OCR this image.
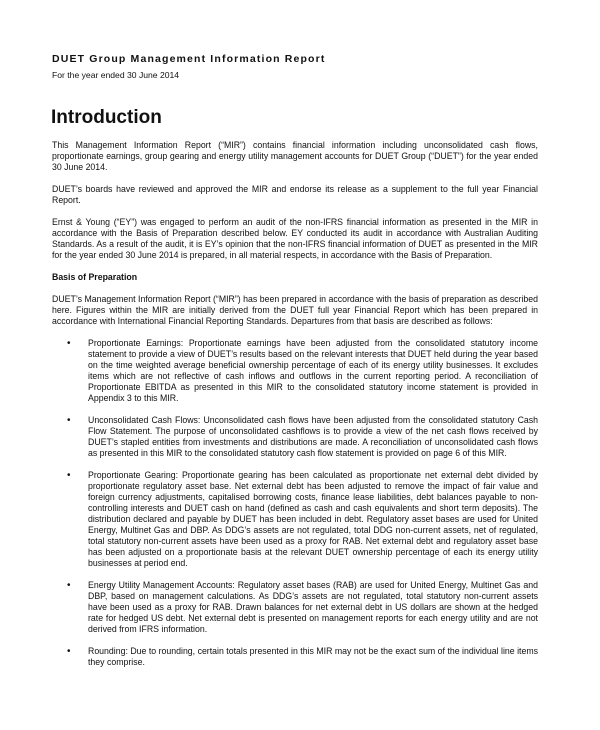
DUET Group Management Information Report
For the year ended 30 June 2014
Introduction

This Management Information Report (“MIR”) contains financial information including unconsolidated cash flows, proportionate earnings, group gearing and energy utility management accounts for DUET Group (“DUET”) for the year ended 30 June 2014.

DUET’s boards have reviewed and approved the MIR and endorse its release as a supplement to the full year Financial Report.

Ernst & Young (“EY”) was engaged to perform an audit of the non-IFRS financial information as presented in the MIR in accordance with the Basis of Preparation described below. EY conducted its audit in accordance with Australian Auditing Standards. As a result of the audit, it is EY’s opinion that the non-IFRS financial information of DUET as presented in the MIR for the year ended 30 June 2014 is prepared, in all material respects, in accordance with the Basis of Preparation.

Basis of Preparation

DUET’s Management Information Report (“MIR”) has been prepared in accordance with the basis of preparation as described here. Figures within the MIR are initially derived from the DUET full year Financial Report which has been prepared in accordance with International Financial Reporting Standards. Departures from that basis are described as follows:

• Proportionate Earnings: Proportionate earnings have been adjusted from the consolidated statutory income statement to provide a view of DUET’s results based on the relevant interests that DUET held during the year based on the time weighted average beneficial ownership percentage of each of its energy utility businesses. It excludes items which are not reflective of cash inflows and outflows in the current reporting period. A reconciliation of Proportionate EBITDA as presented in this MIR to the consolidated statutory income statement is provided in Appendix 3 to this MIR.
• Unconsolidated Cash Flows: Unconsolidated cash flows have been adjusted from the consolidated statutory Cash Flow Statement. The purpose of unconsolidated cashflows is to provide a view of the net cash flows received by DUET’s stapled entities from investments and distributions are made. A reconciliation of unconsolidated cash flows as presented in this MIR to the consolidated statutory cash flow statement is provided on page 6 of this MIR.
• Proportionate Gearing: Proportionate gearing has been calculated as proportionate net external debt divided by proportionate regulatory asset base. Net external debt has been adjusted to remove the impact of fair value and foreign currency adjustments, capitalised borrowing costs, finance lease liabilities, debt balances payable to non-controlling interests and DUET cash on hand (defined as cash and cash equivalents and short term deposits). The distribution declared and payable by DUET has been included in debt. Regulatory asset bases are used for United Energy, Multinet Gas and DBP. As DDG’s assets are not regulated, total DDG non-current assets, net of regulated, total statutory non-current assets have been used as a proxy for RAB. Net external debt and regulatory asset base has been adjusted on a proportionate basis at the relevant DUET ownership percentage of each its energy utility businesses at period end.
• Energy Utility Management Accounts: Regulatory asset bases (RAB) are used for United Energy, Multinet Gas and DBP, based on management calculations. As DDG’s assets are not regulated, total statutory non-current assets have been used as a proxy for RAB. Drawn balances for net external debt in US dollars are shown at the hedged rate for hedged US debt. Net external debt is presented on management reports for each energy utility and are not derived from IFRS information.
• Rounding: Due to rounding, certain totals presented in this MIR may not be the exact sum of the individual line items they comprise.
